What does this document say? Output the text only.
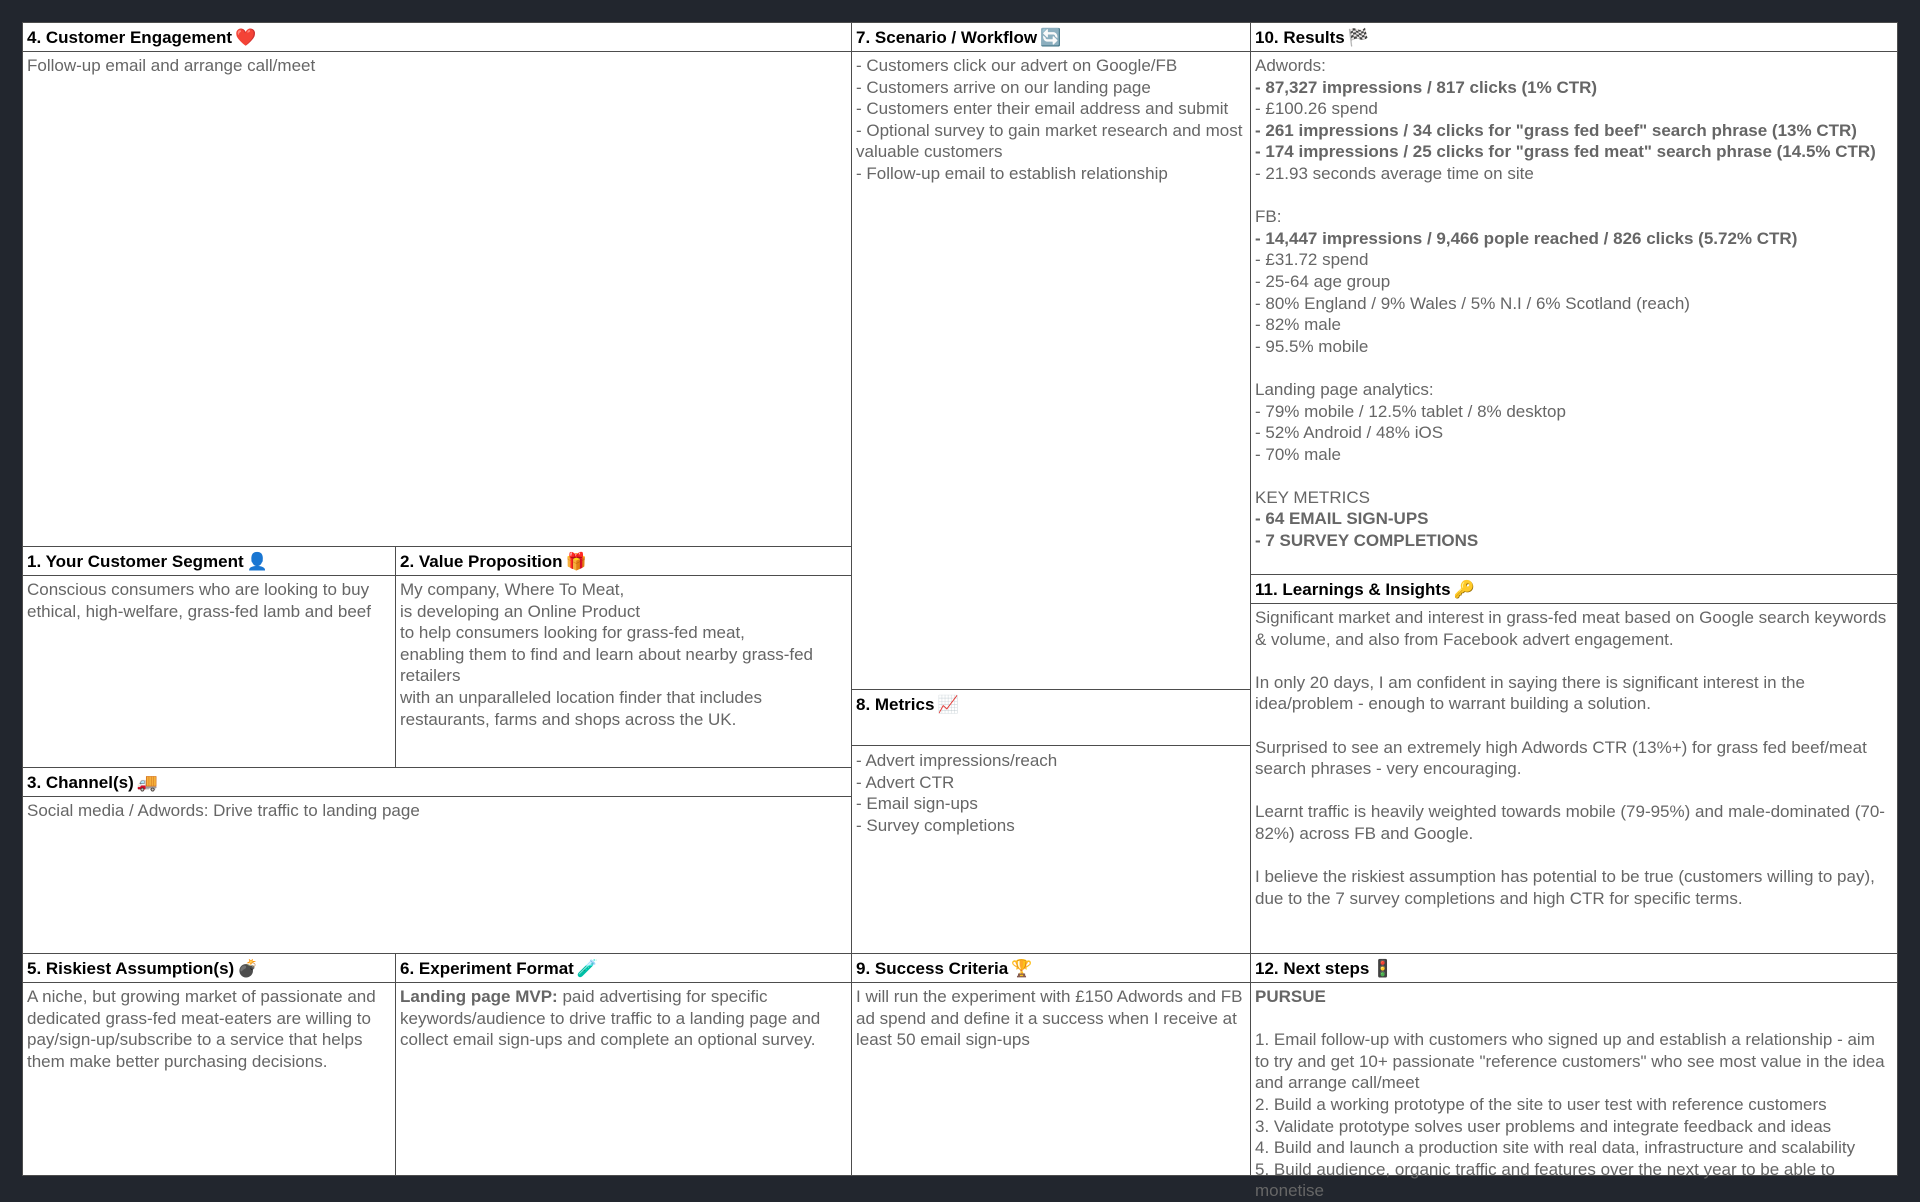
4. Customer Engagement ❤️
Follow-up email and arrange call/meet
7. Scenario / Workflow 🔄
- Customers click our advert on Google/FB
- Customers arrive on our landing page
- Customers enter their email address and submit
- Optional survey to gain market research and most valuable customers
- Follow-up email to establish relationship
10. Results 🏁
Adwords:
- 87,327 impressions / 817 clicks (1% CTR)
- £100.26 spend
- 261 impressions / 34 clicks for "grass fed beef" search phrase (13% CTR)
- 174 impressions / 25 clicks for "grass fed meat" search phrase (14.5% CTR)
- 21.93 seconds average time on site
FB:
- 14,447 impressions / 9,466 pople reached / 826 clicks (5.72% CTR)
- £31.72 spend
- 25-64 age group
- 80% England / 9% Wales / 5% N.I / 6% Scotland (reach)
- 82% male
- 95.5% mobile
Landing page analytics:
- 79% mobile / 12.5% tablet / 8% desktop
- 52% Android / 48% iOS
- 70% male
KEY METRICS
- 64 EMAIL SIGN-UPS
- 7 SURVEY COMPLETIONS
1. Your Customer Segment 👤
Conscious consumers who are looking to buy ethical, high-welfare, grass-fed lamb and beef
2. Value Proposition 🎁
My company, Where To Meat,
is developing an Online Product
to help consumers looking for grass-fed meat,
enabling them to find and learn about nearby grass-fed retailers
with an unparalleled location finder that includes restaurants, farms and shops across the UK.
11. Learnings & Insights 🔑
Significant market and interest in grass-fed meat based on Google search keywords & volume, and also from Facebook advert engagement.
In only 20 days, I am confident in saying there is significant interest in the idea/problem - enough to warrant building a solution.
Surprised to see an extremely high Adwords CTR (13%+) for grass fed beef/meat search phrases - very encouraging.
Learnt traffic is heavily weighted towards mobile (79-95%) and male-dominated (70-82%) across FB and Google.
I believe the riskiest assumption has potential to be true (customers willing to pay), due to the 7 survey completions and high CTR for specific terms.
8. Metrics 📈
- Advert impressions/reach
- Advert CTR
- Email sign-ups
- Survey completions
3. Channel(s) 🚚
Social media / Adwords: Drive traffic to landing page
5. Riskiest Assumption(s) 💣
A niche, but growing market of passionate and dedicated grass-fed meat-eaters are willing to pay/sign-up/subscribe to a service that helps them make better purchasing decisions.
6. Experiment Format 🧪
Landing page MVP: paid advertising for specific keywords/audience to drive traffic to a landing page and collect email sign-ups and complete an optional survey.
9. Success Criteria 🏆
I will run the experiment with £150 Adwords and FB ad spend and define it a success when I receive at least 50 email sign-ups
12. Next steps 🚦
PURSUE
1. Email follow-up with customers who signed up and establish a relationship - aim to try and get 10+ passionate "reference customers" who see most value in the idea and arrange call/meet
2. Build a working prototype of the site to user test with reference customers
3. Validate prototype solves user problems and integrate feedback and ideas
4. Build and launch a production site with real data, infrastructure and scalability
5. Build audience, organic traffic and features over the next year to be able to monetise
